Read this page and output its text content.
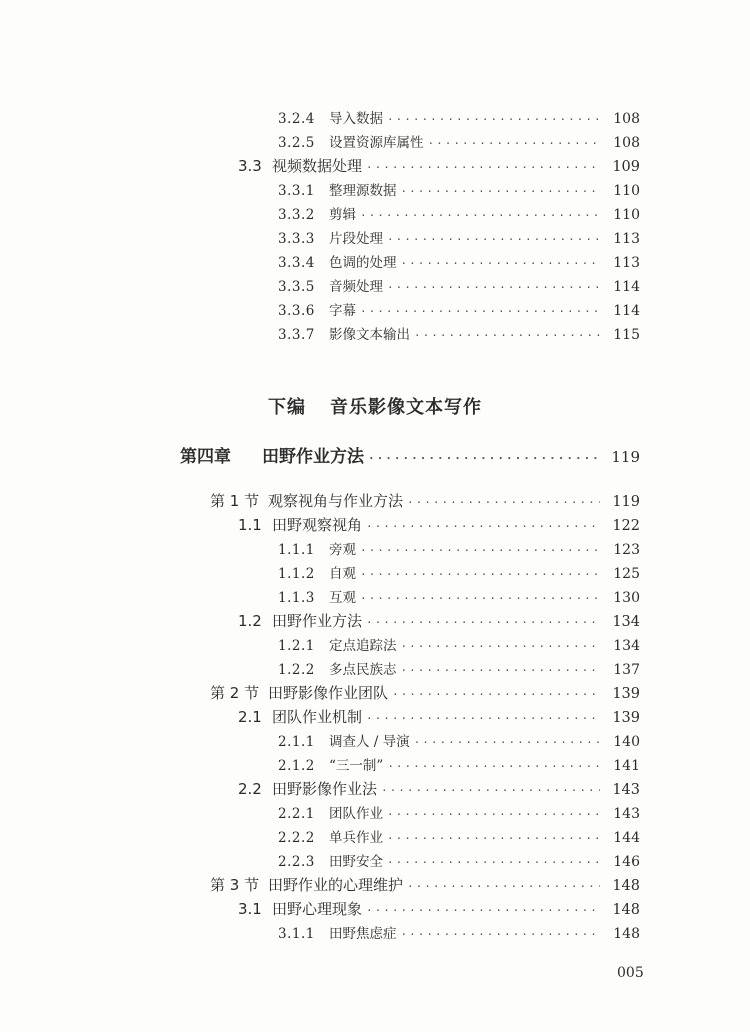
3.2.4	导入数据 ·····	108
3.2.5	设置资源库属性 ·····	108
3.3 视频数据处理 ·····	109
3.3.1	整理源数据 ·····	110
3.3.2	剪辑 ·····	110
3.3.3	片段处理 ·····	113
3.3.4	色调的处理 ·····	113
3.3.5	音频处理 ·····	114
3.3.6	字幕 ·····	114
3.3.7	影像文本输出 ·····	115
下编 音乐影像文本写作
第四章	田野作业方法 ·····	119
第 1 节 观察视角与作业方法 ·····	119
1.1 田野观察视角 ·····	122
1.1.1	旁观 ·····	123
1.1.2	自观 ·····	125
1.1.3	互观 ·····	130
1.2 田野作业方法 ·····	134
1.2.1	定点追踪法 ·····	134
1.2.2	多点民族志 ·····	137
第 2 节 田野影像作业团队 ·····	139
2.1 团队作业机制 ·····	139
2.1.1	调查人 / 导演 ·····	140
2.1.2	“三一制” ·····	141
2.2 田野影像作业法 ·····	143
2.2.1	团队作业 ·····	143
2.2.2	单兵作业 ·····	144
2.2.3	田野安全 ·····	146
第 3 节 田野作业的心理维护 ·····	148
3.1 田野心理现象 ·····	148
3.1.1	田野焦虑症 ·····	148
005
